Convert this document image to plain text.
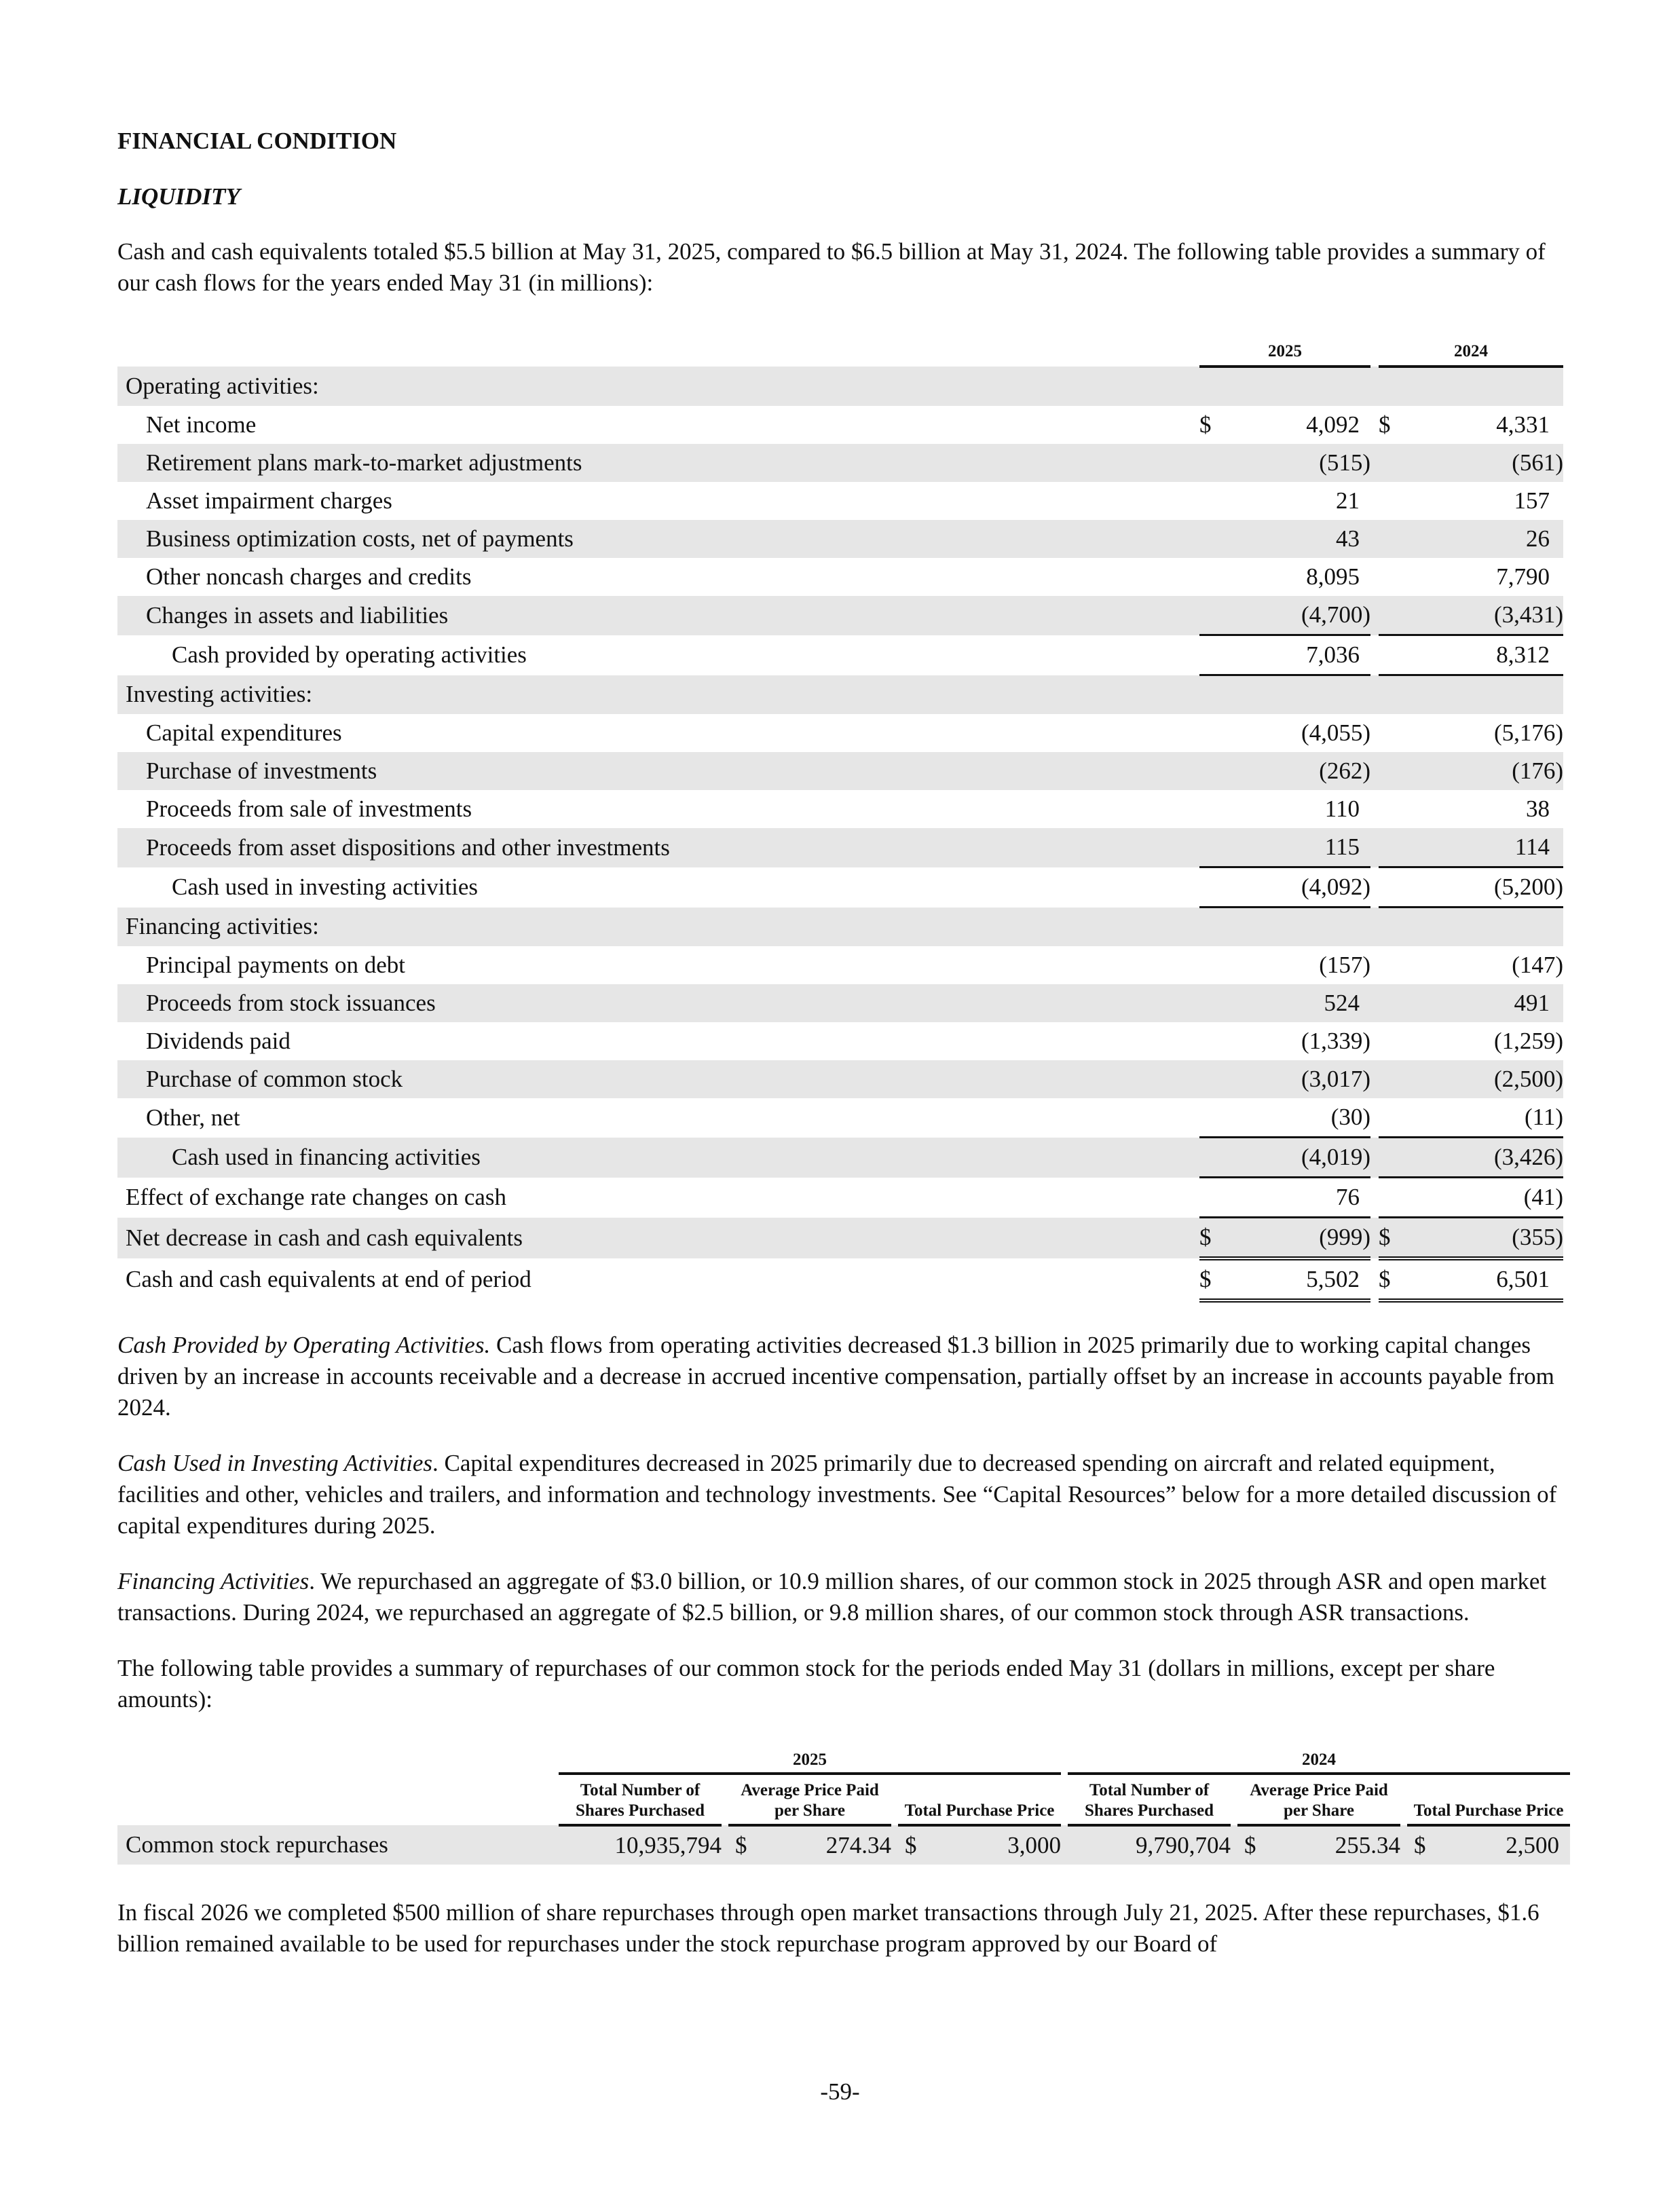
FINANCIAL CONDITION
LIQUIDITY

Cash and cash equivalents totaled $5.5 billion at May 31, 2025, compared to $6.5 billion at May 31, 2024. The following table provides a summary of our cash flows for the years ended May 31 (in millions):

	2025			2024		
Operating activities:						
Net income	$	4,092		$	4,331	
Retirement plans mark-to-market adjustments		(515)			(561)	
Asset impairment charges		21			157	
Business optimization costs, net of payments		43			26	
Other noncash charges and credits		8,095			7,790	
Changes in assets and liabilities		(4,700)			(3,431)	
Cash provided by operating activities		7,036			8,312	
Investing activities:						
Capital expenditures		(4,055)			(5,176)	
Purchase of investments		(262)			(176)	
Proceeds from sale of investments		110			38	
Proceeds from asset dispositions and other investments		115			114	
Cash used in investing activities		(4,092)			(5,200)	
Financing activities:						
Principal payments on debt		(157)			(147)	
Proceeds from stock issuances		524			491	
Dividends paid		(1,339)			(1,259)	
Purchase of common stock		(3,017)			(2,500)	
Other, net		(30)			(11)	
Cash used in financing activities		(4,019)			(3,426)	
Effect of exchange rate changes on cash		76			(41)	
Net decrease in cash and cash equivalents	$	(999)		$	(355)	
Cash and cash equivalents at end of period	$	5,502		$	6,501	

Cash Provided by Operating Activities. Cash flows from operating activities decreased $1.3 billion in 2025 primarily due to working capital changes driven by an increase in accounts receivable and a decrease in accrued incentive compensation, partially offset by an increase in accounts payable from 2024.

Cash Used in Investing Activities. Capital expenditures decreased in 2025 primarily due to decreased spending on aircraft and related equipment, facilities and other, vehicles and trailers, and information and technology investments. See “Capital Resources” below for a more detailed discussion of capital expenditures during 2025.

Financing Activities. We repurchased an aggregate of $3.0 billion, or 10.9 million shares, of our common stock in 2025 through ASR and open market transactions. During 2024, we repurchased an aggregate of $2.5 billion, or 9.8 million shares, of our common stock through ASR transactions.

The following table provides a summary of repurchases of our common stock for the periods ended May 31 (dollars in millions, except per share amounts):

	2025								2024						
	Total Number of Shares Purchased		Average Price Paid per Share			Total Purchase Price			Total Number of Shares Purchased		Average Price Paid per Share			Total Purchase Price	
Common stock repurchases	10,935,794		$	274.34		$	3,000		9,790,704		$	255.34		$	2,500

In fiscal 2026 we completed $500 million of share repurchases through open market transactions through July 21, 2025. After these repurchases, $1.6 billion remained available to be used for repurchases under the stock repurchase program approved by our Board of

-59-
